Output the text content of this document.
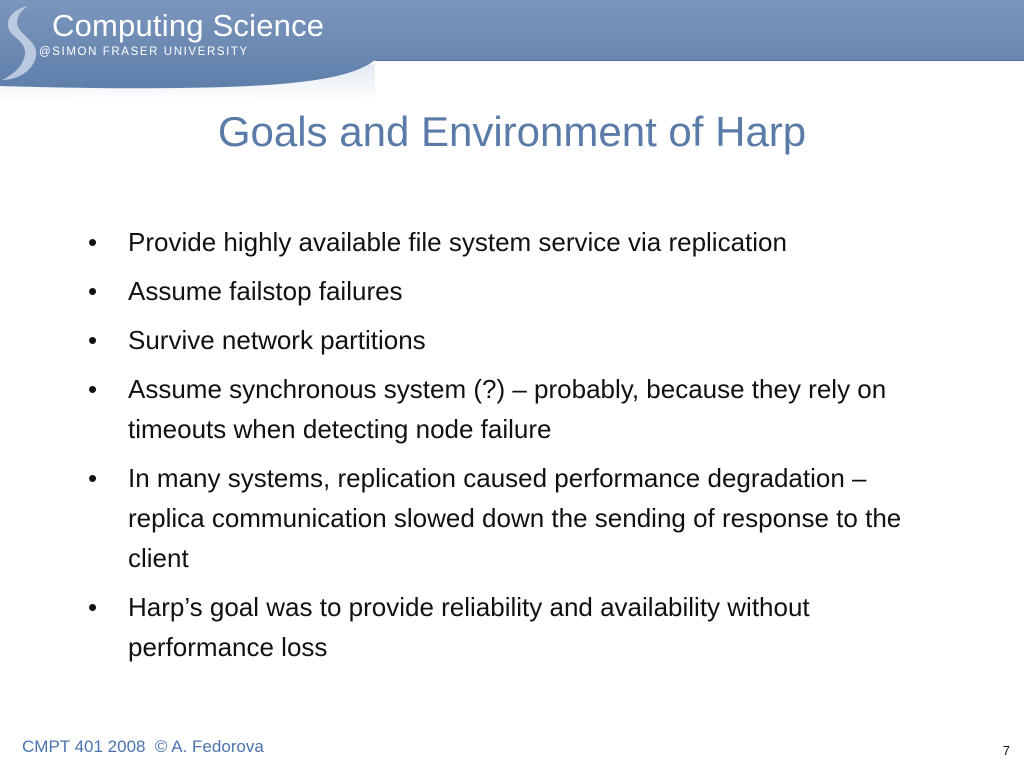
Computing Science
@SIMON FRASER UNIVERSITY
Goals and Environment of Harp
•	Provide highly available file system service via replication
•	Assume failstop failures
•	Survive network partitions
•	Assume synchronous system (?) – probably, because they rely on timeouts when detecting node failure
•	In many systems, replication caused performance degradation – replica communication slowed down the sending of response to the client
•	Harp’s goal was to provide reliability and availability without performance loss
CMPT 401 2008  © A. Fedorova	7
